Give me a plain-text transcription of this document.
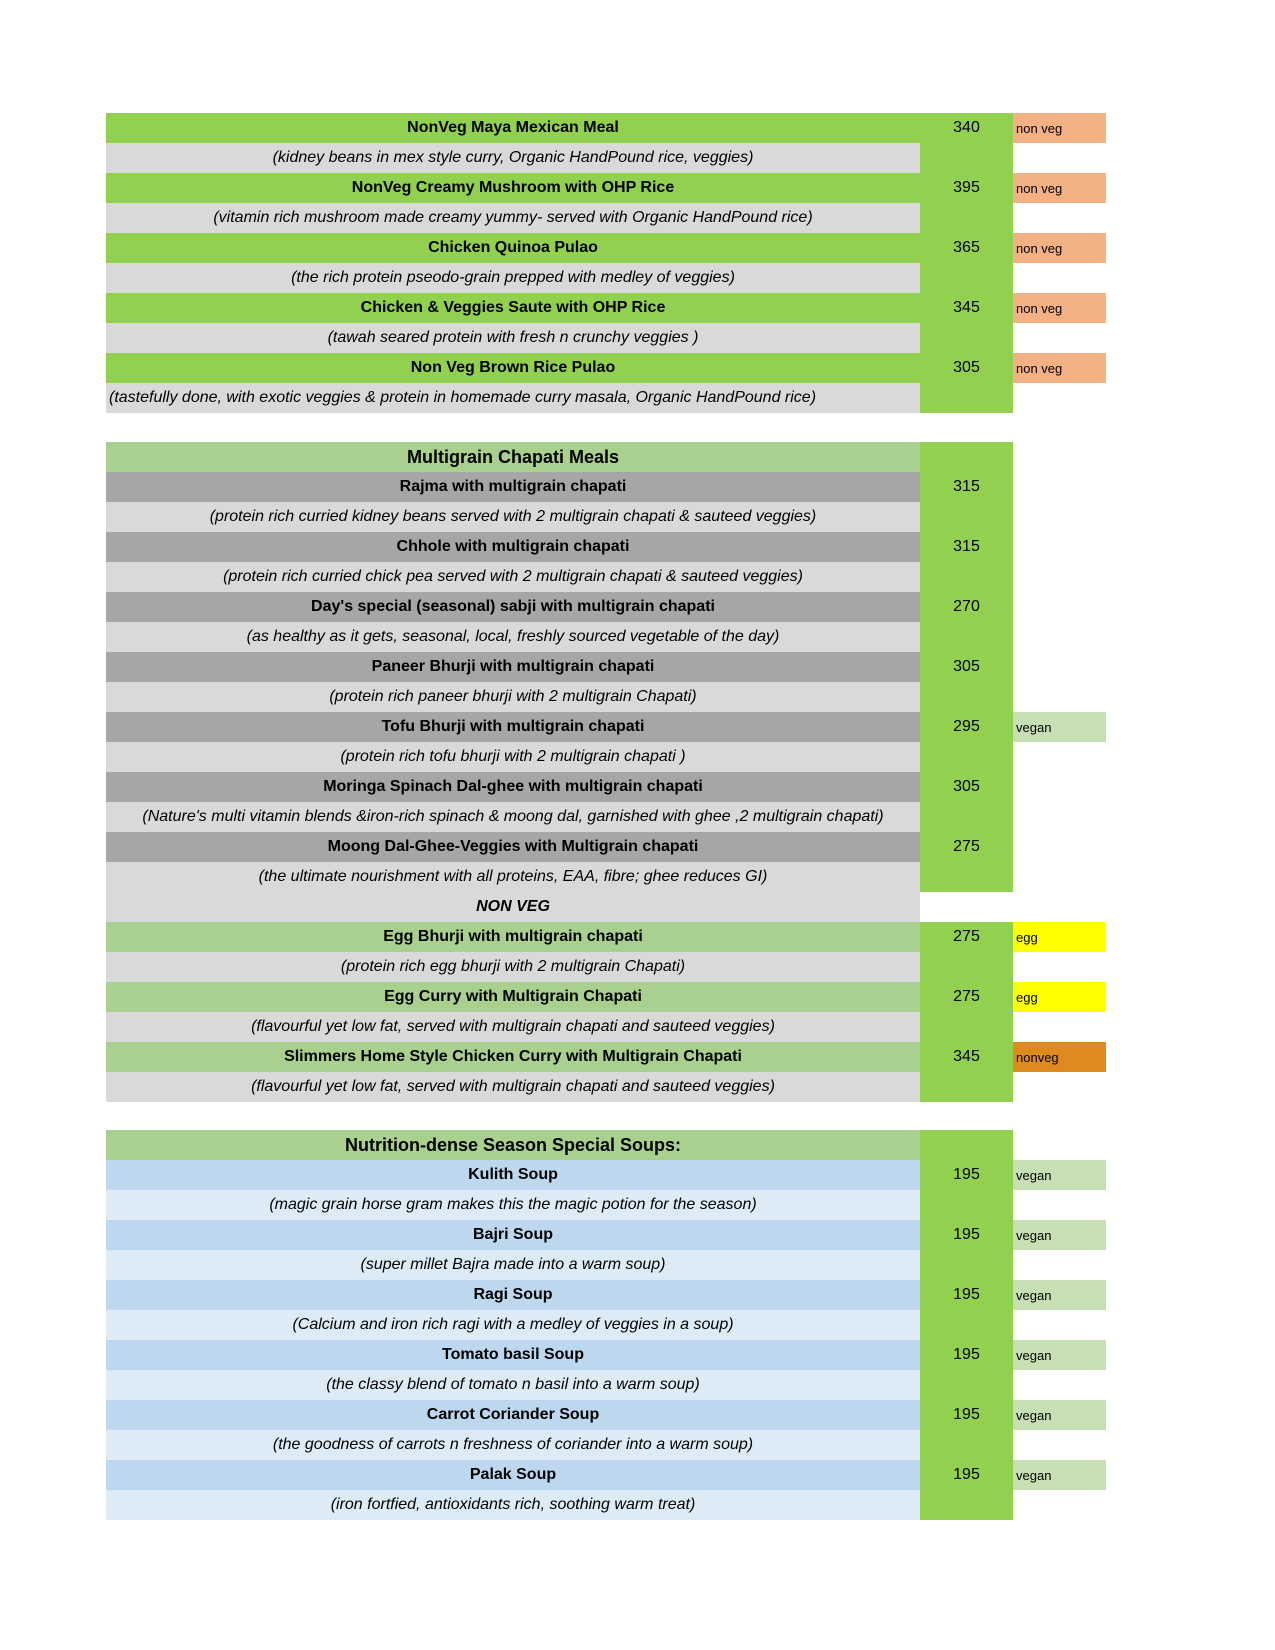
NonVeg Maya Mexican Meal	340	non veg
(kidney beans in mex style curry, Organic HandPound rice, veggies)
NonVeg Creamy Mushroom with OHP Rice	395	non veg
(vitamin rich mushroom made creamy yummy- served with Organic HandPound rice)
Chicken Quinoa Pulao	365	non veg
(the rich protein pseodo-grain prepped with medley of veggies)
Chicken & Veggies Saute with OHP Rice	345	non veg
(tawah seared protein with fresh n crunchy veggies )
Non Veg Brown Rice Pulao	305	non veg
(tastefully done, with exotic veggies & protein in homemade curry masala, Organic HandPound rice)
Multigrain Chapati Meals
Rajma with multigrain chapati	315
(protein rich curried kidney beans served with 2 multigrain chapati & sauteed veggies)
Chhole with multigrain chapati	315
(protein rich curried chick pea served with 2 multigrain chapati & sauteed veggies)
Day's special (seasonal) sabji with multigrain chapati	270
(as healthy as it gets, seasonal, local, freshly sourced vegetable of the day)
Paneer Bhurji with multigrain chapati	305
(protein rich paneer bhurji with 2 multigrain Chapati)
Tofu Bhurji with multigrain chapati	295	vegan
(protein rich tofu bhurji with 2 multigrain chapati )
Moringa Spinach Dal-ghee with multigrain chapati	305
(Nature's multi vitamin blends &iron-rich spinach & moong dal, garnished with ghee ,2 multigrain chapati)
Moong Dal-Ghee-Veggies with Multigrain chapati	275
(the ultimate nourishment with all proteins, EAA, fibre; ghee reduces GI)
NON VEG
Egg Bhurji with multigrain chapati	275	egg
(protein rich egg bhurji with 2 multigrain Chapati)
Egg Curry with Multigrain Chapati	275	egg
(flavourful yet low fat, served with multigrain chapati and sauteed veggies)
Slimmers Home Style Chicken Curry with Multigrain Chapati	345	nonveg
(flavourful yet low fat, served with multigrain chapati and sauteed veggies)
Nutrition-dense Season Special Soups:
Kulith Soup	195	vegan
(magic grain horse gram makes this the magic potion for the season)
Bajri Soup	195	vegan
(super millet Bajra made into a warm soup)
Ragi Soup	195	vegan
(Calcium and iron rich ragi with a medley of veggies in a soup)
Tomato basil Soup	195	vegan
(the classy blend of tomato n basil into a warm soup)
Carrot Coriander Soup	195	vegan
(the goodness of carrots n freshness of coriander into a warm soup)
Palak Soup	195	vegan
(iron fortfied, antioxidants rich, soothing warm treat)
